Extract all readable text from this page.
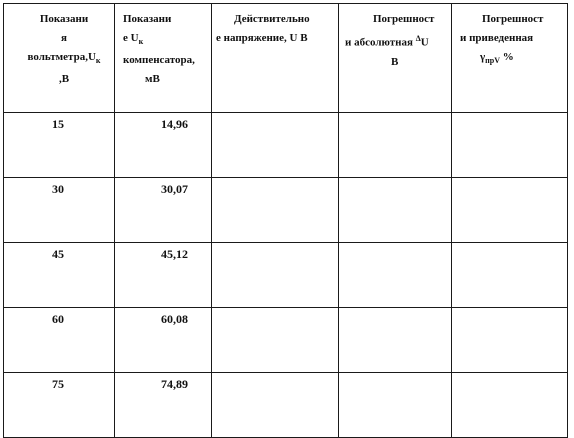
Показани
я
$вольтметра,U_к$
,В	Показани
е $U_к$
компенсатора,
мВ	Действительно
е напряжение, U В	Погрешност
и абсолютная $^\Delta$U
В	Погрешност
и приведенная
$\gamma_{прV}$ %

15	14,96			
30	30,07			
45	45,12			
60	60,08			
75	74,89			
